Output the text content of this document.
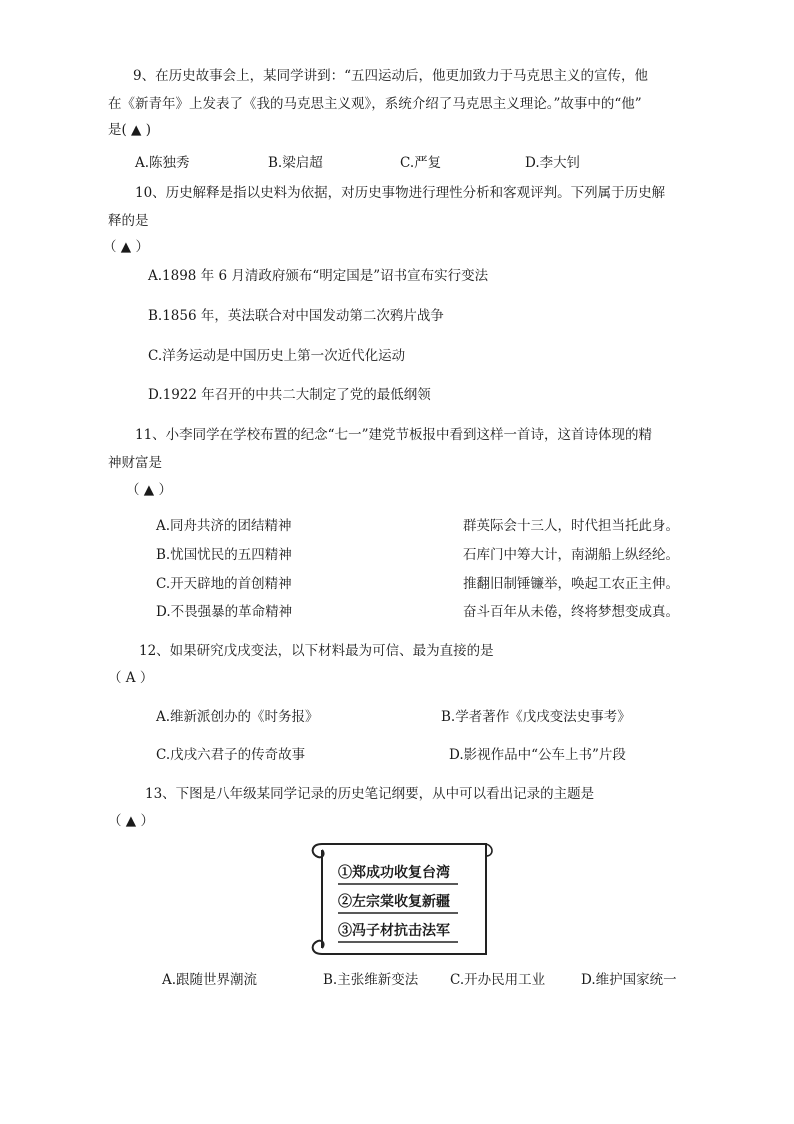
9、在历史故事会上，某同学讲到：“五四运动后，他更加致力于马克思主义的宣传，他
在《新青年》上发表了《我的马克思主义观》，系统介绍了马克思主义理论。”故事中的“他”
是( ▲ )
A.陈独秀	B.梁启超	C.严复	D.李大钊
10、历史解释是指以史料为依据，对历史事物进行理性分析和客观评判。下列属于历史解
释的是
（ ▲ ）
A.1898 年 6 月清政府颁布“明定国是”诏书宣布实行变法
B.1856 年，英法联合对中国发动第二次鸦片战争
C.洋务运动是中国历史上第一次近代化运动
D.1922 年召开的中共二大制定了党的最低纲领
11、小李同学在学校布置的纪念“七一”建党节板报中看到这样一首诗，这首诗体现的精
神财富是
（ ▲ ）
A.同舟共济的团结精神
B.忧国忧民的五四精神
C.开天辟地的首创精神
D.不畏强暴的革命精神
群英际会十三人，时代担当托此身。
石库门中筹大计，南湖船上纵经纶。
推翻旧制锤镰举，唤起工农正主伸。
奋斗百年从未倦，终将梦想变成真。
12、如果研究戊戌变法，以下材料最为可信、最为直接的是
（ A ）
A.维新派创办的《时务报》	B.学者著作《戊戌变法史事考》
C.戊戌六君子的传奇故事	D.影视作品中“公车上书”片段
13、下图是八年级某同学记录的历史笔记纲要，从中可以看出记录的主题是
（ ▲ ）
①郑成功收复台湾
②左宗棠收复新疆
③冯子材抗击法军
A.跟随世界潮流	B.主张维新变法 C.开办民用工业	D.维护国家统一
